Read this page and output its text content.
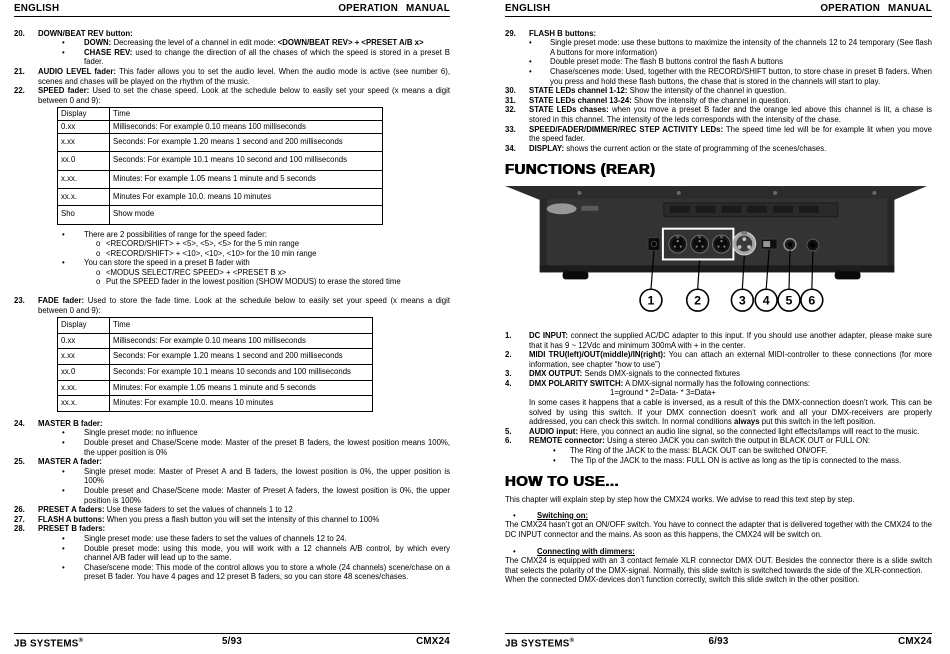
ENGLISH	OPERATION MANUAL
20. DOWN/BEAT REV button:
• DOWN: Decreasing the level of a channel in edit mode: <DOWN/BEAT REV> + <PRESET A/B x>
• CHASE REV: used to change the direction of all the chases of which the speed is stored in a preset B fader.
21. AUDIO LEVEL fader: This fader allows you to set the audio level. When the audio mode is active (see number 6), scenes and chases will be played on the rhythm of the music.
22. SPEED fader: Used to set the chase speed. Look at the schedule below to easily set your speed (x means a digit between 0 and 9):
Display	Time
0.xx	Milliseconds: For example 0.10 means 100 milliseconds
x.xx	Seconds: For example 1.20 means 1 second and 200 milliseconds
xx.0	Seconds: For example 10.1 means 10 second and 100 milliseconds
x.xx.	Minutes: For example 1.05 means 1 minute and 5 seconds
xx.x.	Minutes For example 10.0. means 10 minutes
Sho	Show mode
• There are 2 possibilities of range for the speed fader:
o <RECORD/SHIFT> + <5>, <5>, <5> for the 5 min range
o <RECORD/SHIFT> + <10>, <10>, <10> for the 10 min range
• You can store the speed in a preset B fader with
o <MODUS SELECT/REC SPEED> + <PRESET B x>
o Put the SPEED fader in the lowest position (SHOW MODUS) to erase the stored time
23. FADE fader: Used to store the fade time. Look at the schedule below to easily set your speed (x means a digit between 0 and 9):
Display	Time
0.xx	Milliseconds: For example 0.10 means 100 milliseconds
x.xx	Seconds: For example 1.20 means 1 second and 200 milliseconds
xx.0	Seconds: For example 10.1 means 10 seconds and 100 milliseconds
x.xx.	Minutes: For example 1.05 means 1 minute and 5 seconds
xx.x.	Minutes: For example 10.0. means 10 minutes
24. MASTER B fader:
• Single preset mode: no influence
• Double preset and Chase/Scene mode: Master of the preset B faders, the lowest position means 100%, the upper position is 0%
25. MASTER A fader:
• Single preset mode: Master of Preset A and B faders, the lowest position is 0%, the upper position is 100%
• Double preset and Chase/Scene mode: Master of Preset A faders, the lowest position is 0%, the upper position is 100%
26. PRESET A faders: Use these faders to set the values of channels 1 to 12
27. FLASH A buttons: When you press a flash button you will set the intensity of this channel to 100%
28. PRESET B faders:
• Single preset mode: use these faders to set the values of channels 12 to 24.
• Double preset mode: using this mode, you will work with a 12 channels A/B control, by which every channel A/B fader will lead up to the same.
• Chase/scene mode: This mode of the control allows you to store a whole (24 channels) scene/chase on a preset B fader. You have 4 pages and 12 preset B faders, so you can store 48 scenes/chases.
JB SYSTEMS®	5/93	CMX24
ENGLISH	OPERATION MANUAL
29. FLASH B buttons:
• Single preset mode: use these buttons to maximize the intensity of the channels 12 to 24 temporary (See flash A buttons for more information)
• Double preset mode: The flash B buttons control the flash A buttons
• Chase/scenes mode: Used, together with the RECORD/SHIFT button, to store chase in preset B faders. When you press and hold these flash buttons, the chase that is stored in the channels will start to play.
30. STATE LEDs channel 1-12: Show the intensity of the channel in question.
31. STATE LEDs channel 13-24: Show the intensity of the channel in question.
32. STATE LEDs chases: when you move a preset B fader and the orange led above this channel is lit, a chase is stored in this channel. The intensity of the leds corresponds with the intensity of the chase.
33. SPEED/FADER/DIMMER/REC STEP ACTIVITY LEDs: The speed time led will be for example lit when you move the speed fader.
34. DISPLAY: shows the current action or the state of programming of the scenes/chases.
FUNCTIONS (REAR)
1	2	3 4 5 6
1. DC INPUT: connect the supplied AC/DC adapter to this input. If you should use another adapter, please make sure that it has 9 ~ 12Vdc and minimum 300mA with + in the center.
2. MIDI TRU(left)/OUT(middle)/IN(right): You can attach an external MIDI-controller to these connections (for more information, see chapter “how to use”)
3. DMX OUTPUT: Sends DMX-signals to the connected fixtures
4. DMX POLARITY SWITCH: A DMX-signal normally has the following connections:
1=ground * 2=Data- * 3=Data+
In some cases it happens that a cable is inversed, as a result of this the DMX-connection doesn’t work. This can be solved by using this switch. If your DMX connection doesn’t work and all your DMX-receivers are properly addressed, you can check this switch. In normal conditions always put this switch in the left position.
5. AUDIO input: Here, you connect an audio line signal, so the connected light effects/lamps will react to the music.
6. REMOTE connector: Using a stereo JACK you can switch the output in BLACK OUT or FULL ON:
• The Ring of the JACK to the mass: BLACK OUT can be switched ON/OFF.
• The Tip of the JACK to the mass: FULL ON is active as long as the tip is connected to the mass.
HOW TO USE...
This chapter will explain step by step how the CMX24 works. We advise to read this text step by step.
•	Switching on:
The CMX24 hasn’t got an ON/OFF switch. You have to connect the adapter that is delivered together with the CMX24 to the DC INPUT connector and the mains. As soon as this happens, the CMX24 will be switch on.
•	Connecting with dimmers:
The CMX24 is equipped with an 3 contact female XLR connector DMX OUT. Besides the connector there is a slide switch that selects the polarity of the DMX-signal. Normally, this slide switch is switched towards the side of the XLR-connection.
When the connected DMX-devices don’t function correctly, switch this slide switch in the other position.
JB SYSTEMS®	6/93	CMX24
